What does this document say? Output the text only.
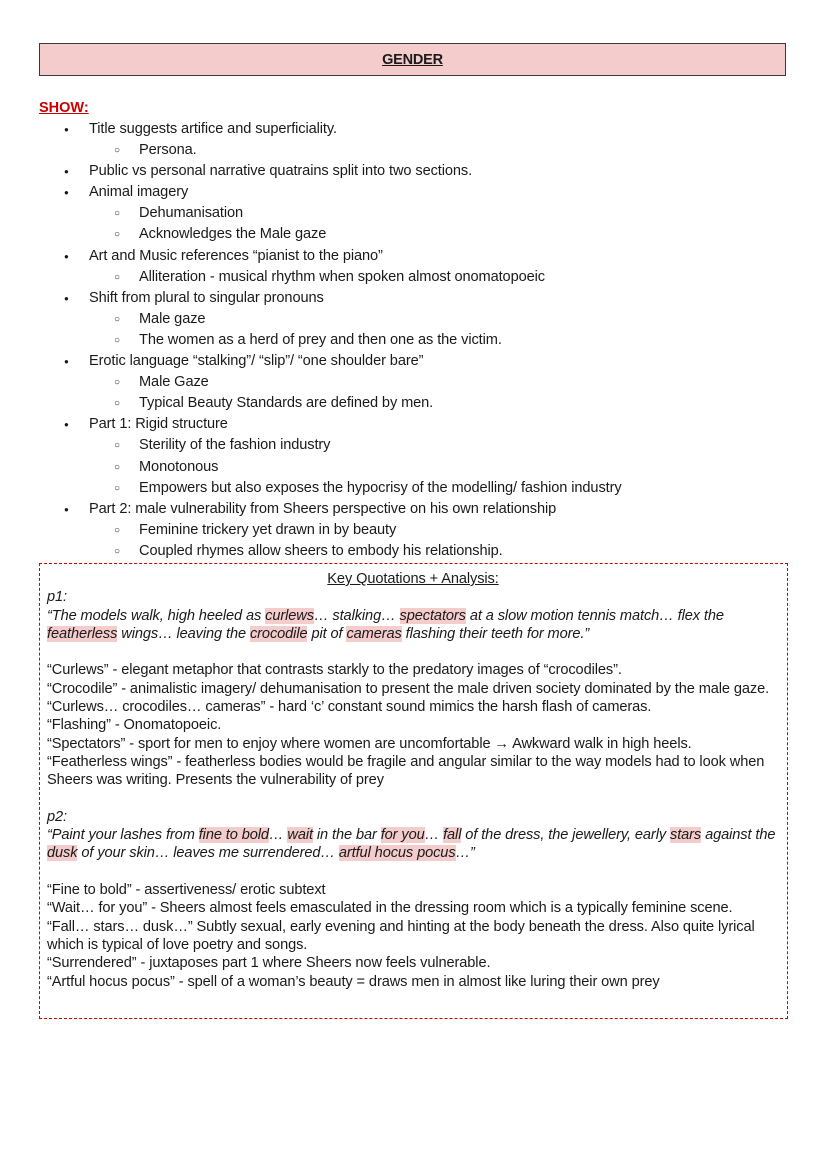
GENDER
SHOW:
● Title suggests artifice and superficiality.
○ Persona.
● Public vs personal narrative quatrains split into two sections.
● Animal imagery
○ Dehumanisation
○ Acknowledges the Male gaze
● Art and Music references “pianist to the piano”
○ Alliteration - musical rhythm when spoken almost onomatopoeic
● Shift from plural to singular pronouns
○ Male gaze
○ The women as a herd of prey and then one as the victim.
● Erotic language “stalking”/ “slip”/ “one shoulder bare”
○ Male Gaze
○ Typical Beauty Standards are defined by men.
● Part 1: Rigid structure
○ Sterility of the fashion industry
○ Monotonous
○ Empowers but also exposes the hypocrisy of the modelling/ fashion industry
● Part 2: male vulnerability from Sheers perspective on his own relationship
○ Feminine trickery yet drawn in by beauty
○ Coupled rhymes allow sheers to embody his relationship.

Key Quotations + Analysis:

p1:

“The models walk, high heeled as curlews… stalking… spectators at a slow motion tennis match… flex the featherless wings… leaving the crocodile pit of cameras flashing their teeth for more.”

“Curlews” - elegant metaphor that contrasts starkly to the predatory images of “crocodiles”.

“Crocodile” - animalistic imagery/ dehumanisation to present the male driven society dominated by the male gaze.

“Curlews… crocodiles… cameras” - hard ‘c’ constant sound mimics the harsh flash of cameras.

“Flashing” - Onomatopoeic.

“Spectators” - sport for men to enjoy where women are uncomfortable → Awkward walk in high heels.

“Featherless wings” - featherless bodies would be fragile and angular similar to the way models had to look when Sheers was writing. Presents the vulnerability of prey

p2:

“Paint your lashes from fine to bold… wait in the bar for you… fall of the dress, the jewellery, early stars against the dusk of your skin… leaves me surrendered… artful hocus pocus…”

“Fine to bold” - assertiveness/ erotic subtext

“Wait… for you” - Sheers almost feels emasculated in the dressing room which is a typically feminine scene.

“Fall… stars… dusk…” Subtly sexual, early evening and hinting at the body beneath the dress. Also quite lyrical which is typical of love poetry and songs.

“Surrendered” - juxtaposes part 1 where Sheers now feels vulnerable.

“Artful hocus pocus” - spell of a woman’s beauty = draws men in almost like luring their own prey
